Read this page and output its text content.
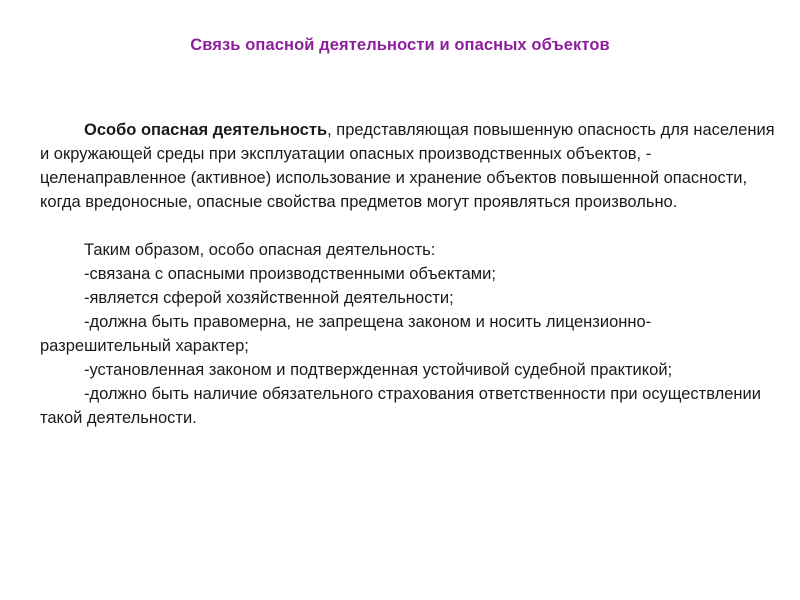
Связь опасной деятельности и опасных объектов

Особо опасная деятельность, представляющая повышенную опасность для населения и окружающей среды при эксплуатации опасных производственных объектов, - целенаправленное (активное) использование и хранение объектов повышенной опасности, когда вредоносные, опасные свойства предметов могут проявляться произвольно.

Таким образом, особо опасная деятельность:

-связана с опасными производственными объектами;

-является сферой хозяйственной деятельности;

-должна быть правомерна, не запрещена законом и носить лицензионно-разрешительный характер;

-установленная законом и подтвержденная устойчивой судебной практикой;

-должно быть наличие обязательного страхования ответственности при осуществлении такой деятельности.
